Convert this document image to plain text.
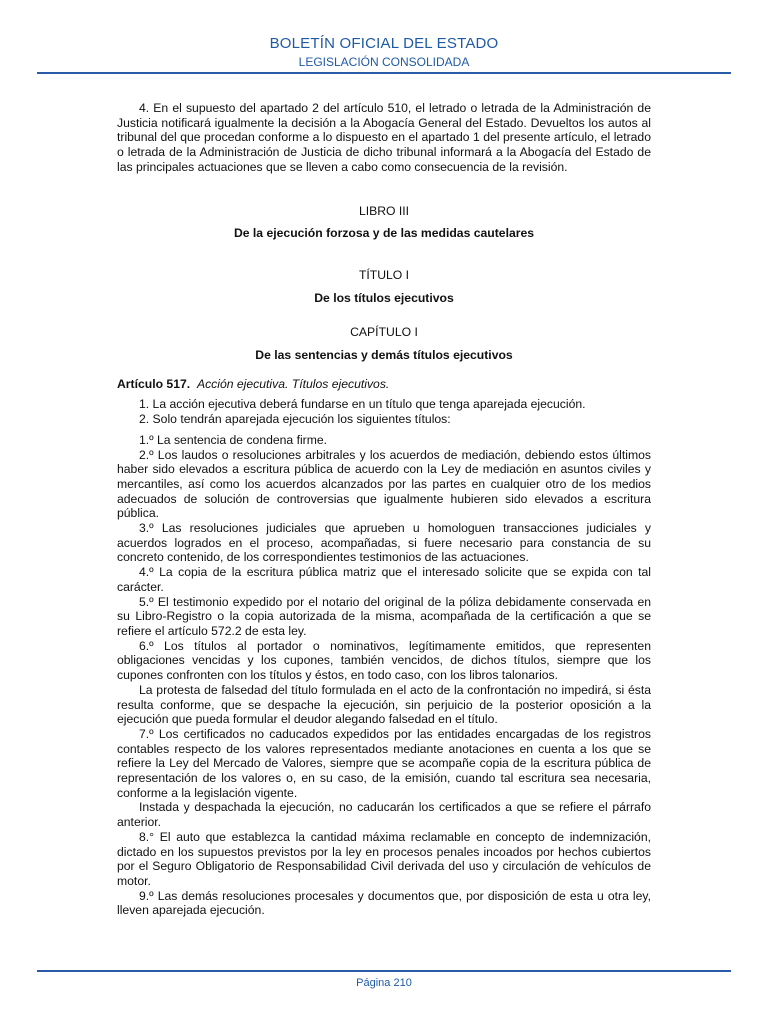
BOLETÍN OFICIAL DEL ESTADO
LEGISLACIÓN CONSOLIDADA

4. En el supuesto del apartado 2 del artículo 510, el letrado o letrada de la Administración de Justicia notificará igualmente la decisión a la Abogacía General del Estado. Devueltos los autos al tribunal del que procedan conforme a lo dispuesto en el apartado 1 del presente artículo, el letrado o letrada de la Administración de Justicia de dicho tribunal informará a la Abogacía del Estado de las principales actuaciones que se lleven a cabo como consecuencia de la revisión.

LIBRO III

De la ejecución forzosa y de las medidas cautelares

TÍTULO I

De los títulos ejecutivos

CAPÍTULO I

De las sentencias y demás títulos ejecutivos

Artículo 517. Acción ejecutiva. Títulos ejecutivos.

1. La acción ejecutiva deberá fundarse en un título que tenga aparejada ejecución.

2. Solo tendrán aparejada ejecución los siguientes títulos:

1.º La sentencia de condena firme.

2.º Los laudos o resoluciones arbitrales y los acuerdos de mediación, debiendo estos últimos haber sido elevados a escritura pública de acuerdo con la Ley de mediación en asuntos civiles y mercantiles, así como los acuerdos alcanzados por las partes en cualquier otro de los medios adecuados de solución de controversias que igualmente hubieren sido elevados a escritura pública.

3.º Las resoluciones judiciales que aprueben u homologuen transacciones judiciales y acuerdos logrados en el proceso, acompañadas, si fuere necesario para constancia de su concreto contenido, de los correspondientes testimonios de las actuaciones.

4.º La copia de la escritura pública matriz que el interesado solicite que se expida con tal carácter.

5.º El testimonio expedido por el notario del original de la póliza debidamente conservada en su Libro-Registro o la copia autorizada de la misma, acompañada de la certificación a que se refiere el artículo 572.2 de esta ley.

6.º Los títulos al portador o nominativos, legítimamente emitidos, que representen obligaciones vencidas y los cupones, también vencidos, de dichos títulos, siempre que los cupones confronten con los títulos y éstos, en todo caso, con los libros talonarios.

La protesta de falsedad del título formulada en el acto de la confrontación no impedirá, si ésta resulta conforme, que se despache la ejecución, sin perjuicio de la posterior oposición a la ejecución que pueda formular el deudor alegando falsedad en el título.

7.º Los certificados no caducados expedidos por las entidades encargadas de los registros contables respecto de los valores representados mediante anotaciones en cuenta a los que se refiere la Ley del Mercado de Valores, siempre que se acompañe copia de la escritura pública de representación de los valores o, en su caso, de la emisión, cuando tal escritura sea necesaria, conforme a la legislación vigente.

Instada y despachada la ejecución, no caducarán los certificados a que se refiere el párrafo anterior.

8.° El auto que establezca la cantidad máxima reclamable en concepto de indemnización, dictado en los supuestos previstos por la ley en procesos penales incoados por hechos cubiertos por el Seguro Obligatorio de Responsabilidad Civil derivada del uso y circulación de vehículos de motor.

9.º Las demás resoluciones procesales y documentos que, por disposición de esta u otra ley, lleven aparejada ejecución.

Página 210
